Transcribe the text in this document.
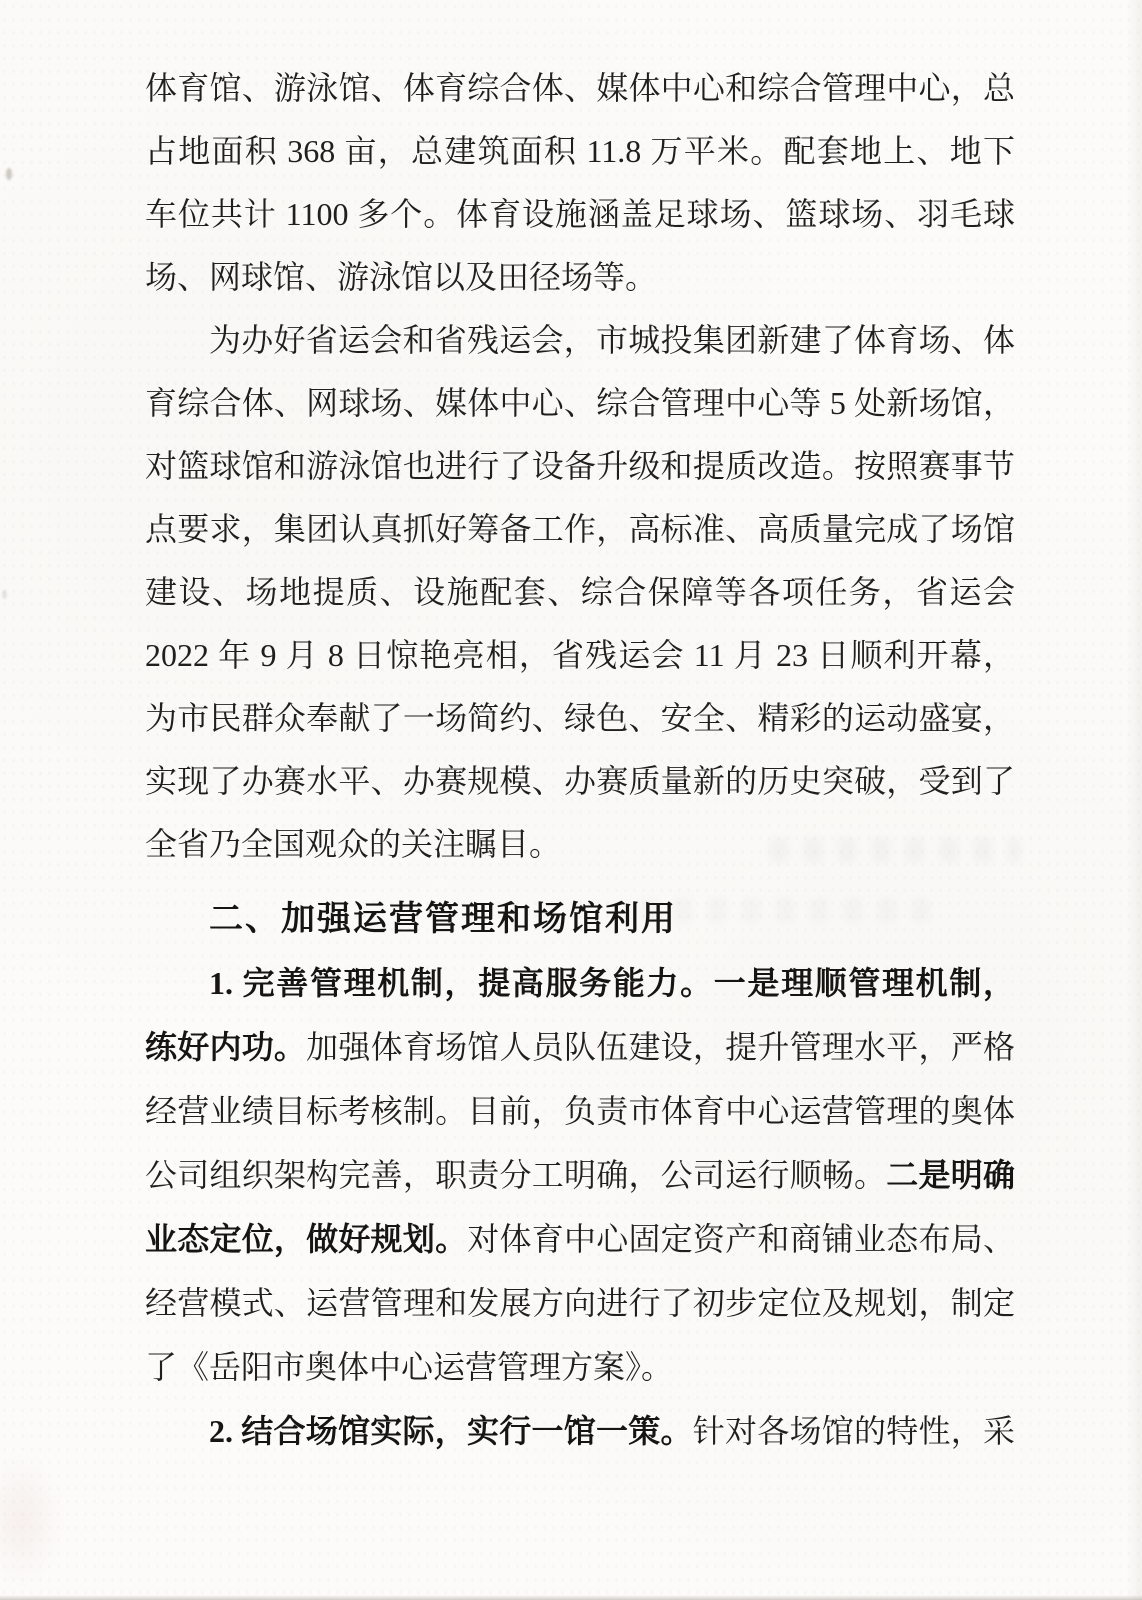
体育馆、游泳馆、体育综合体、媒体中心和综合管理中心，总
占地面积 368 亩，总建筑面积 11.8 万平米。配套地上、地下
车位共计 1100 多个。体育设施涵盖足球场、篮球场、羽毛球
场、网球馆、游泳馆以及田径场等。
为办好省运会和省残运会，市城投集团新建了体育场、体
育综合体、网球场、媒体中心、综合管理中心等 5 处新场馆，
对篮球馆和游泳馆也进行了设备升级和提质改造。按照赛事节
点要求，集团认真抓好筹备工作，高标准、高质量完成了场馆
建设、场地提质、设施配套、综合保障等各项任务，省运会
2022 年 9 月 8 日惊艳亮相，省残运会 11 月 23 日顺利开幕，
为市民群众奉献了一场简约、绿色、安全、精彩的运动盛宴，
实现了办赛水平、办赛规模、办赛质量新的历史突破，受到了
全省乃全国观众的关注瞩目。
二、加强运营管理和场馆利用
1. 完善管理机制，提高服务能力。一是理顺管理机制，
练好内功。加强体育场馆人员队伍建设，提升管理水平，严格
经营业绩目标考核制。目前，负责市体育中心运营管理的奥体
公司组织架构完善，职责分工明确，公司运行顺畅。二是明确
业态定位，做好规划。对体育中心固定资产和商铺业态布局、
经营模式、运营管理和发展方向进行了初步定位及规划，制定
了《岳阳市奥体中心运营管理方案》。
2. 结合场馆实际，实行一馆一策。针对各场馆的特性，采
